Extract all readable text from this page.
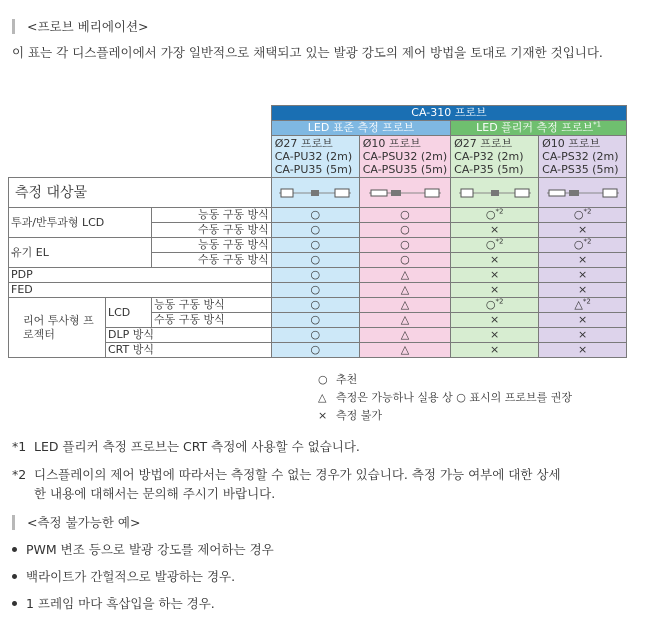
<프로브 베리에이션>
이 표는 각 디스플레이에서 가장 일반적으로 채택되고 있는 발광 강도의 제어 방법을 토대로 기재한 것입니다.
			CA-310 프로브			
			LED 표준 측정 프로브		LED 플리커 측정 프로브$^{*1}$

			Ø27 프로브
CA-PU32 (2m)
CA-PU35 (5m)	Ø10 프로브
CA-PSU32 (2m)
CA-PSU35 (5m)	Ø27 프로브
CA-P32 (2m)
CA-P35 (5m)	Ø10 프로브
CA-PS32 (2m)
CA-PS35 (5m)

측정 대상물	

투과/반투과형 LCD		능동 구동 방식	○	○	○$^{*2}$	○$^{*2}$
		수동 구동 방식	○	○	×	×
유기 EL		능동 구동 방식	○	○	○$^{*2}$	○$^{*2}$
		수동 구동 방식	○	○	×	×
PDP			○	△	×	×
FED			○	△	×	×
리어 투사형 프로젝터	LCD	능동 구동 방식	○	△	○$^{*2}$	△$^{*2}$
		수동 구동 방식	○	△	×	×
	DLP 방식		○	△	×	×
	CRT 방식		○	△	×	×
○ 추천
△ 측정은 가능하나 실용 상 ○ 표시의 프로브를 권장
× 측정 불가
*1 LED 플리커 측정 프로브는 CRT 측정에 사용할 수 없습니다.
*2 디스플레이의 제어 방법에 따라서는 측정할 수 없는 경우가 있습니다. 측정 가능 여부에 대한 상세
한 내용에 대해서는 문의해 주시기 바랍니다.
<측정 불가능한 예>
PWM 변조 등으로 발광 강도를 제어하는 경우
백라이트가 간헐적으로 발광하는 경우.
1 프레임 마다 흑삽입을 하는 경우.
